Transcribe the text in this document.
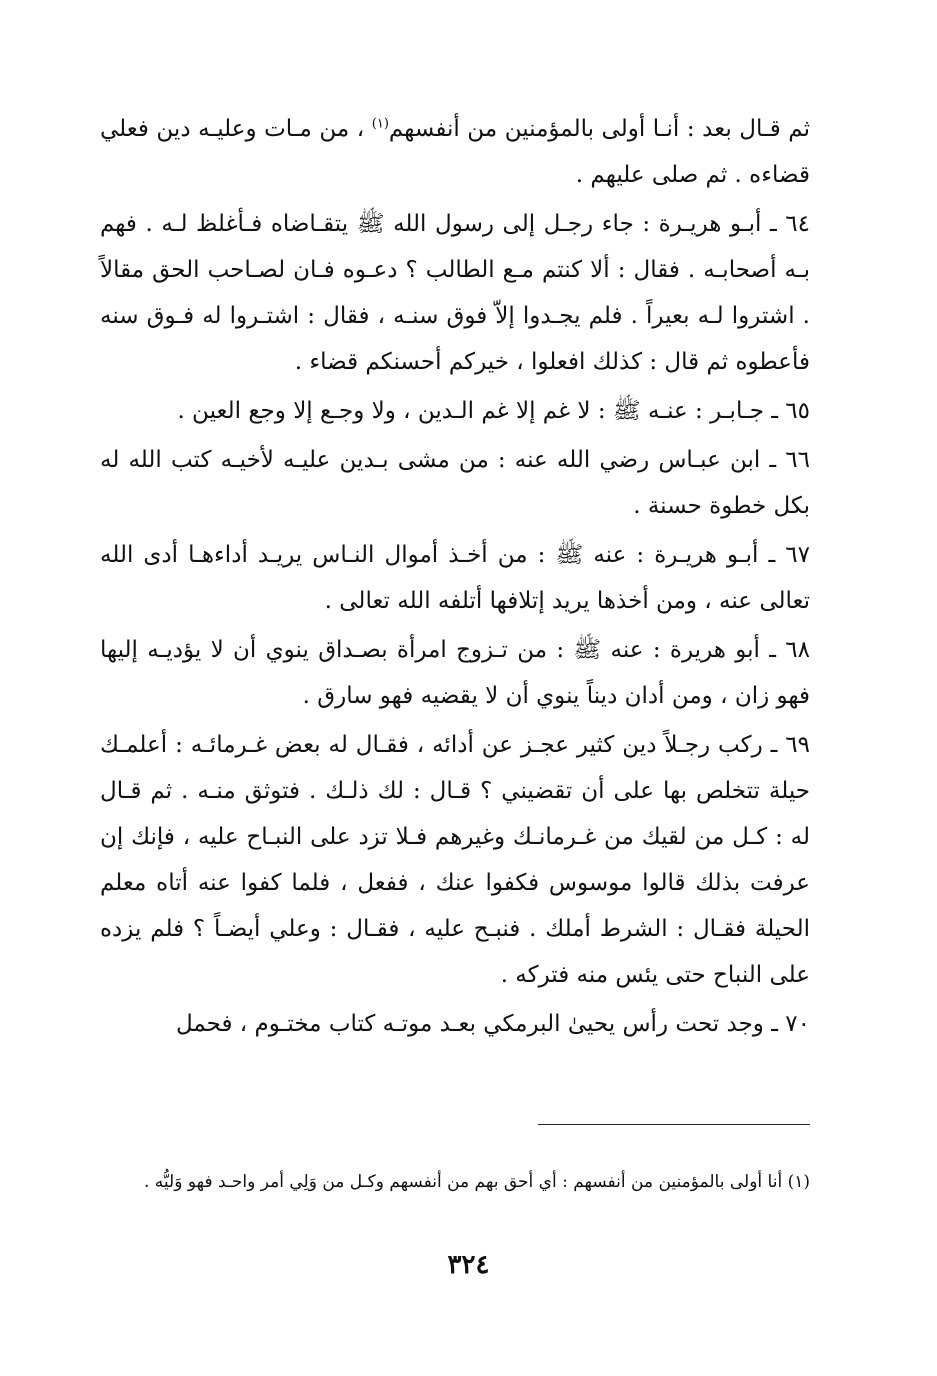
ثم قـال بعد : أنـا أولى بالمؤمنين من أنفسهم$^{(١)}$ ، من مـات وعليـه دين فعلي قضاءه . ثم صلى عليهم .

٦٤ ـ أبـو هريـرة : جاء رجـل إلى رسول الله ﷺ يتقـاضاه فـأغلظ لـه . فهم بـه أصحابـه . فقال : ألا كنتم مـع الطالب ؟ دعـوه فـان لصـاحب الحق مقالاً . اشتروا لـه بعيراً . فلم يجـدوا إلاّ فوق سنـه ، فقال : اشتـروا له فـوق سنه فأعطوه ثم قال : كذلك افعلوا ، خيركم أحسنكم قضاء .

٦٥ ـ جـابـر : عنـه ﷺ : لا غم إلا غم الـدين ، ولا وجـع إلا وجع العين .

٦٦ ـ ابن عبـاس رضي الله عنه : من مشى بـدين عليـه لأخيـه كتب الله له بكل خطوة حسنة .

٦٧ ـ أبـو هريـرة : عنه ﷺ : من أخـذ أموال النـاس يريـد أداءهـا أدى الله تعالى عنه ، ومن أخذها يريد إتلافها أتلفه الله تعالى .

٦٨ ـ أبو هريرة : عنه ﷺ : من تـزوج امرأة بصـداق ينوي أن لا يؤديـه إليها فهو زان ، ومن أدان ديناً ينوي أن لا يقضيه فهو سارق .

٦٩ ـ ركب رجـلاً دين كثير عجـز عن أدائه ، فقـال له بعض غـرمائـه : أعلمـك حيلة تتخلص بها على أن تقضيني ؟ قـال : لك ذلـك . فتوثق منـه . ثم قـال له : كـل من لقيك من غـرمانـك وغيرهم فـلا تزد على النبـاح عليه ، فإنك إن عرفت بذلك قالوا موسوس فكفوا عنك ، ففعل ، فلما كفوا عنه أتاه معلم الحيلة فقـال : الشرط أملك . فنبـح عليه ، فقـال : وعلي أيضـاً ؟ فلم يزده على النباح حتى يئس منه فتركه .

٧٠ ـ وجد تحت رأس يحيىٰ البرمكي بعـد موتـه كتاب مختـوم ، فحمل

(١) أنا أولى بالمؤمنين من أنفسهم : أي أحق بهم من أنفسهم وكـل من وَلِي أمر واحـد فهو وَليُّه .

٣٢٤
